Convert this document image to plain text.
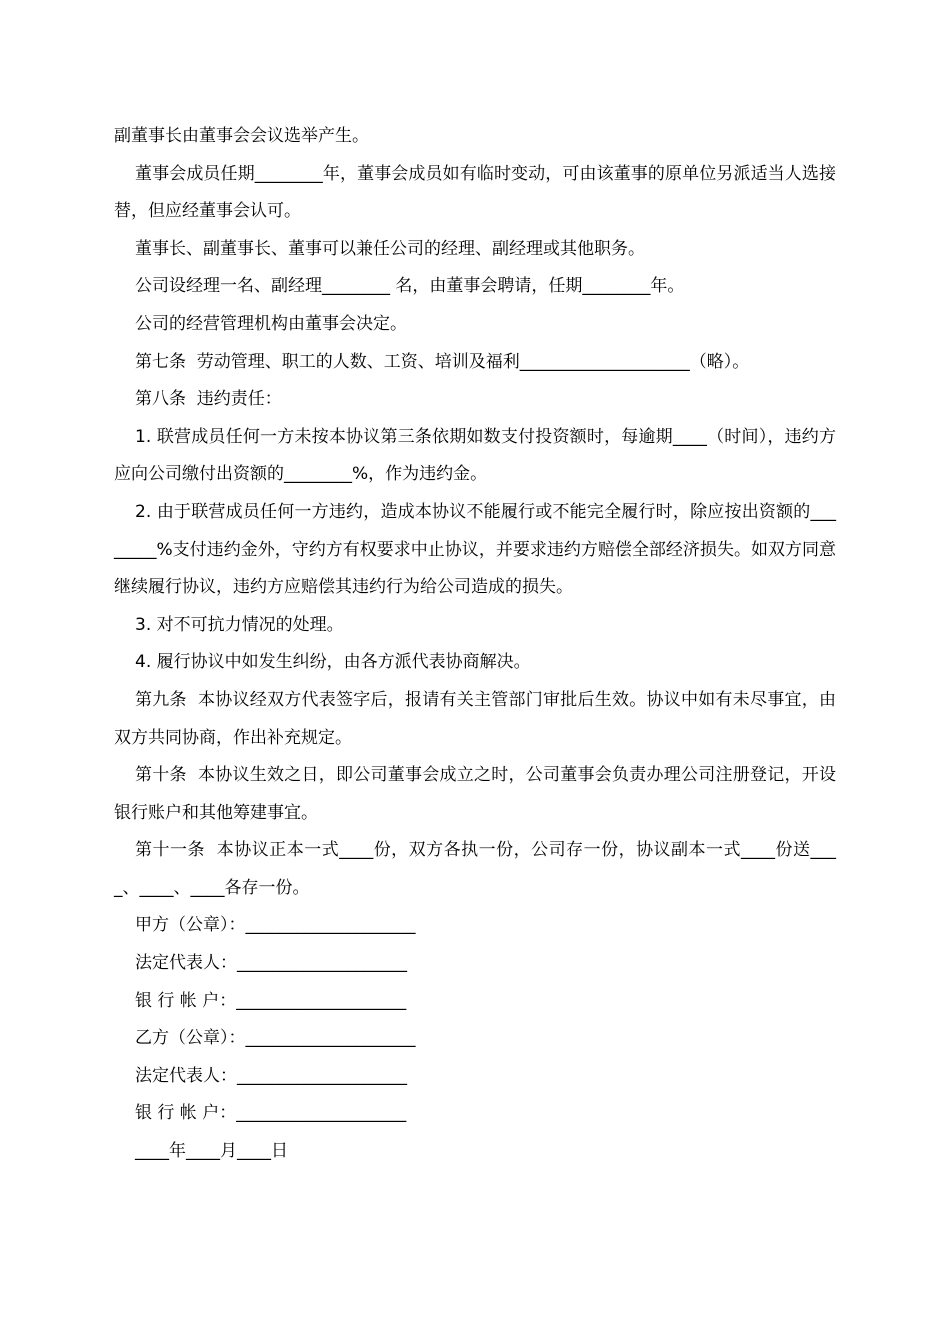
副董事长由董事会会议选举产生。

董事会成员任期________年，董事会成员如有临时变动，可由该董事的原单位另派适当人选接替，但应经董事会认可。

董事长、副董事长、董事可以兼任公司的经理、副经理或其他职务。

公司设经理一名、副经理________ 名，由董事会聘请，任期________年。

公司的经营管理机构由董事会决定。

第七条  劳动管理、职工的人数、工资、培训及福利____________________（略）。

第八条  违约责任：

1. 联营成员任何一方未按本协议第三条依期如数支付投资额时，每逾期____（时间），违约方应向公司缴付出资额的________%，作为违约金。

2. 由于联营成员任何一方违约，造成本协议不能履行或不能完全履行时，除应按出资额的________%支付违约金外，守约方有权要求中止协议，并要求违约方赔偿全部经济损失。如双方同意继续履行协议，违约方应赔偿其违约行为给公司造成的损失。

3. 对不可抗力情况的处理。

4. 履行协议中如发生纠纷，由各方派代表协商解决。

第九条  本协议经双方代表签字后，报请有关主管部门审批后生效。协议中如有未尽事宜，由双方共同协商，作出补充规定。

第十条  本协议生效之日，即公司董事会成立之时，公司董事会负责办理公司注册登记，开设银行账户和其他筹建事宜。

第十一条  本协议正本一式____份，双方各执一份，公司存一份，协议副本一式____份送____、____、____各存一份。

甲方（公章）：____________________

法定代表人：____________________

银 行 帐 户：____________________

乙方（公章）：____________________

法定代表人：____________________

银 行 帐 户：____________________

____年____月____日
